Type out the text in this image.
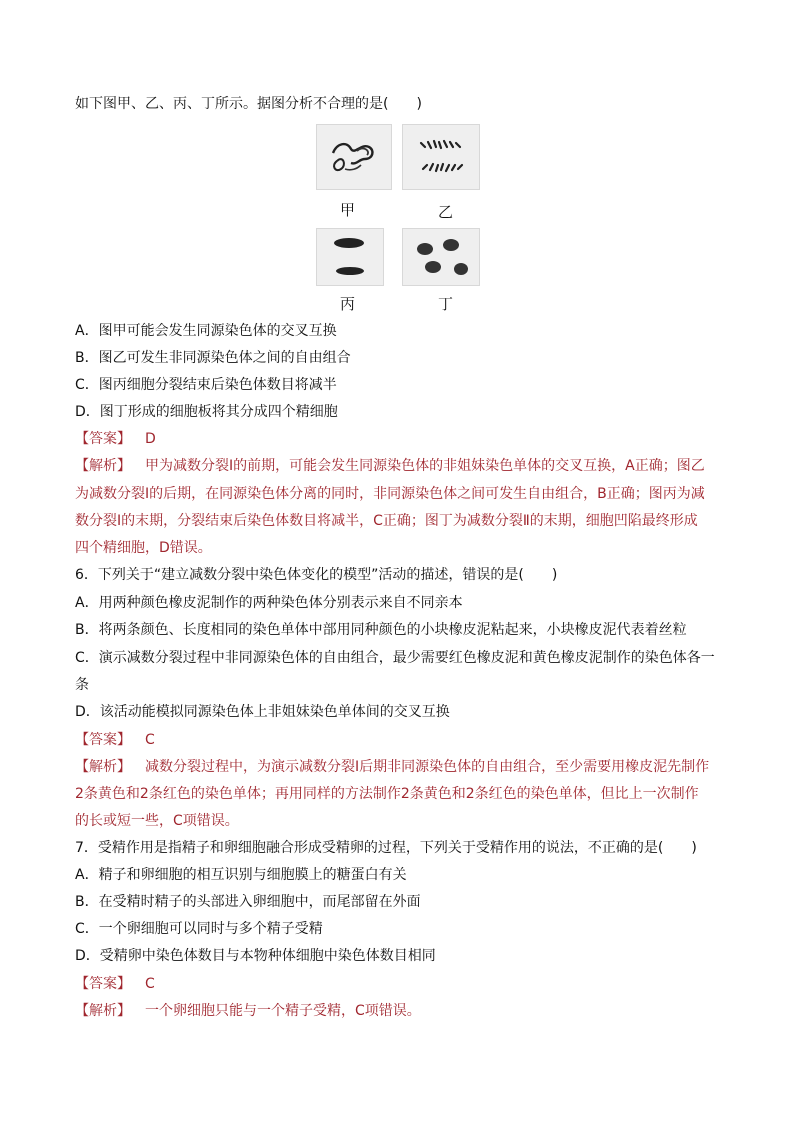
如下图甲、乙、丙、丁所示。据图分析不合理的是(　　)
甲	乙
丙	丁
A．图甲可能会发生同源染色体的交叉互换
B．图乙可发生非同源染色体之间的自由组合
C．图丙细胞分裂结束后染色体数目将减半
D．图丁形成的细胞板将其分成四个精细胞
【答案】 D
【解析】 甲为减数分裂Ⅰ的前期，可能会发生同源染色体的非姐妹染色单体的交叉互换，A正确；图乙
为减数分裂Ⅰ的后期，在同源染色体分离的同时，非同源染色体之间可发生自由组合，B正确；图丙为减
数分裂Ⅰ的末期，分裂结束后染色体数目将减半，C正确；图丁为减数分裂Ⅱ的末期，细胞凹陷最终形成
四个精细胞，D错误。
6．下列关于“建立减数分裂中染色体变化的模型”活动的描述，错误的是(　　)
A．用两种颜色橡皮泥制作的两种染色体分别表示来自不同亲本
B．将两条颜色、长度相同的染色单体中部用同种颜色的小块橡皮泥粘起来，小块橡皮泥代表着丝粒
C．演示减数分裂过程中非同源染色体的自由组合，最少需要红色橡皮泥和黄色橡皮泥制作的染色体各一
条
D．该活动能模拟同源染色体上非姐妹染色单体间的交叉互换
【答案】 C
【解析】 减数分裂过程中，为演示减数分裂Ⅰ后期非同源染色体的自由组合，至少需要用橡皮泥先制作
2条黄色和2条红色的染色单体；再用同样的方法制作2条黄色和2条红色的染色单体，但比上一次制作
的长或短一些，C项错误。
7．受精作用是指精子和卵细胞融合形成受精卵的过程，下列关于受精作用的说法，不正确的是(　　)
A．精子和卵细胞的相互识别与细胞膜上的糖蛋白有关
B．在受精时精子的头部进入卵细胞中，而尾部留在外面
C．一个卵细胞可以同时与多个精子受精
D．受精卵中染色体数目与本物种体细胞中染色体数目相同
【答案】 C
【解析】 一个卵细胞只能与一个精子受精，C项错误。
